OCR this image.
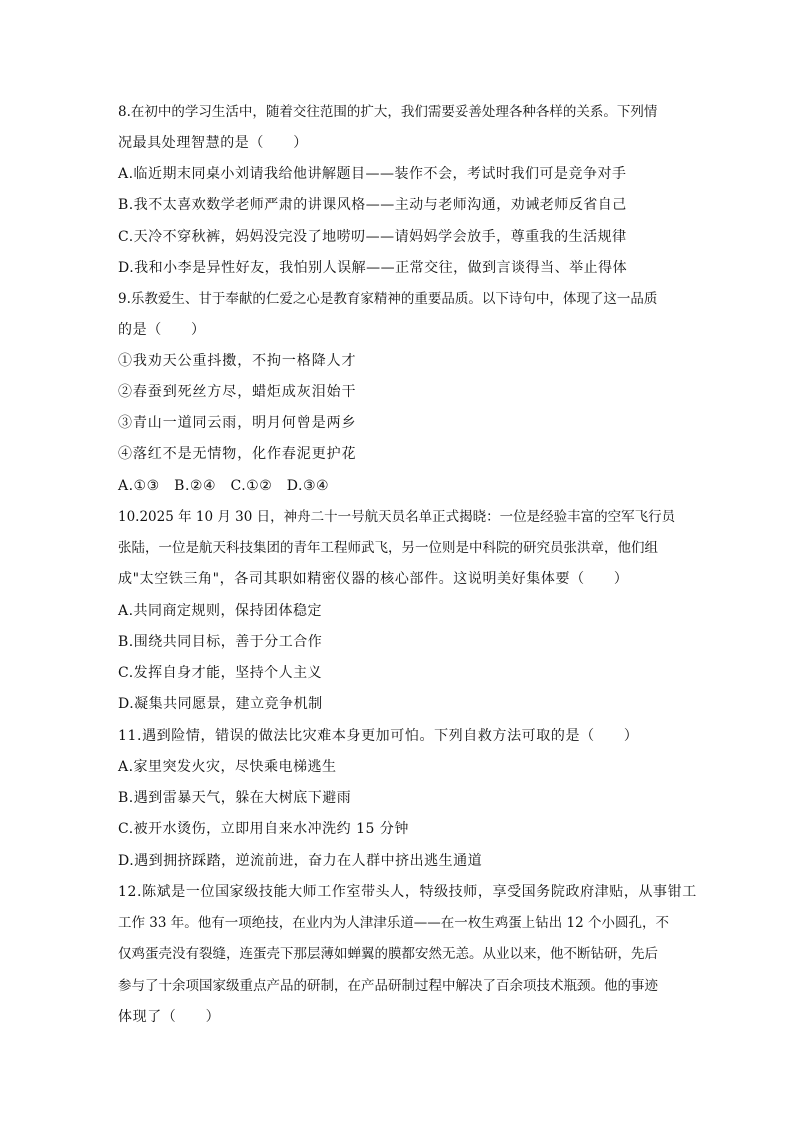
8.在初中的学习生活中，随着交往范围的扩大，我们需要妥善处理各种各样的关系。下列情
况最具处理智慧的是（　　）
A.临近期末同桌小刘请我给他讲解题目——装作不会，考试时我们可是竞争对手
B.我不太喜欢数学老师严肃的讲课风格——主动与老师沟通，劝诫老师反省自己
C.天冷不穿秋裤，妈妈没完没了地唠叨——请妈妈学会放手，尊重我的生活规律
D.我和小李是异性好友，我怕别人误解——正常交往，做到言谈得当、举止得体
9.乐教爱生、甘于奉献的仁爱之心是教育家精神的重要品质。以下诗句中，体现了这一品质
的是（　　）
①我劝天公重抖擞，不拘一格降人才
②春蚕到死丝方尽，蜡炬成灰泪始干
③青山一道同云雨，明月何曾是两乡
④落红不是无情物，化作春泥更护花
A.①③　B.②④　C.①②　D.③④
10.2025 年 10 月 30 日，神舟二十一号航天员名单正式揭晓：一位是经验丰富的空军飞行员
张陆，一位是航天科技集团的青年工程师武飞，另一位则是中科院的研究员张洪章，他们组
成"太空铁三角"，各司其职如精密仪器的核心部件。这说明美好集体要（　　）
A.共同商定规则，保持团体稳定
B.围绕共同目标，善于分工合作
C.发挥自身才能，坚持个人主义
D.凝集共同愿景，建立竞争机制
11.遇到险情，错误的做法比灾难本身更加可怕。下列自救方法可取的是（　　）
A.家里突发火灾，尽快乘电梯逃生
B.遇到雷暴天气，躲在大树底下避雨
C.被开水烫伤，立即用自来水冲洗约 15 分钟
D.遇到拥挤踩踏，逆流前进，奋力在人群中挤出逃生通道
12.陈斌是一位国家级技能大师工作室带头人，特级技师，享受国务院政府津贴，从事钳工
工作 33 年。他有一项绝技，在业内为人津津乐道——在一枚生鸡蛋上钻出 12 个小圆孔，不
仅鸡蛋壳没有裂缝，连蛋壳下那层薄如蝉翼的膜都安然无恙。从业以来，他不断钻研，先后
参与了十余项国家级重点产品的研制，在产品研制过程中解决了百余项技术瓶颈。他的事迹
体现了（　　）
